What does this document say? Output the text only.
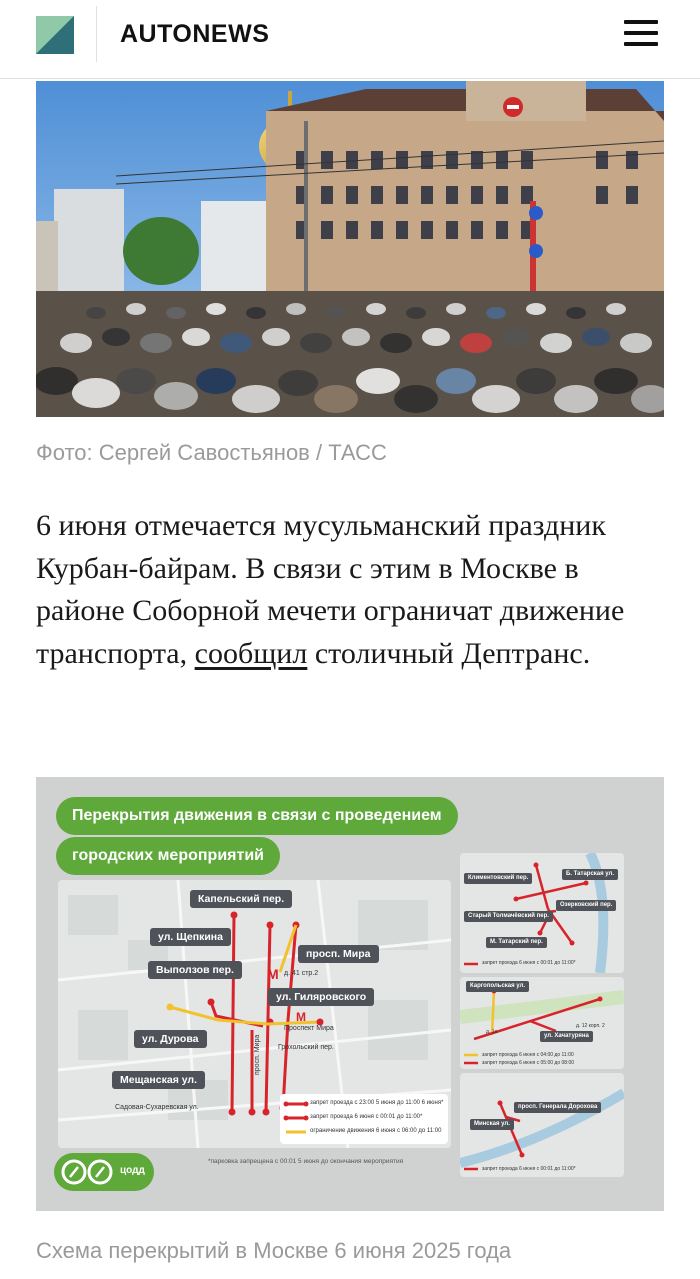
AUTONEWS
Фото: Сергей Савостьянов / ТАСС

6 июня отмечается мусульманский праздник Курбан-байрам. В связи с этим в Москве в районе Соборной мечети ограничат движение транспорта, сообщил столичный Дептранс.

Перекрытия движения в связи с проведением
городских мероприятий
M
M
Капельский пер.
ул. Щепкина
просп. Мира
Выползов пер.	д. 41 стр.2
ул. Гиляровского
Проспект Мира
ул. Дурова
Грохольский пер.
Мещанская ул.
просп. Мира
Садовая-Сухаревская ул.
запрет проезда с 23:00 5 июня до 11:00 6 июня*
запрет проезда 6 июня с 00:01 до 11:00*
ограничение движения 6 июня с 06:00 до 11:00
цодд
*парковка запрещена с 00:01 5 июня до окончания мероприятия
Климентовский пер.
Б. Татарская ул.
Озерковский пер.
Старый Толмачёвский пер.
М. Татарский пер.
запрет проезда 6 июня с 00:01 до 11:00*
Каргопольская ул.
ул. Хачатуряна
д. 12 корп. 2
д. 1а
запрет проезда 6 июня с 04:00 до 11:00
запрет проезда 6 июня с 05:00 до 08:00
просп. Генерала Дорохова
Минская ул.
запрет проезда 6 июня с 00:01 до 11:00*
Схема перекрытий в Москве 6 июня 2025 года
